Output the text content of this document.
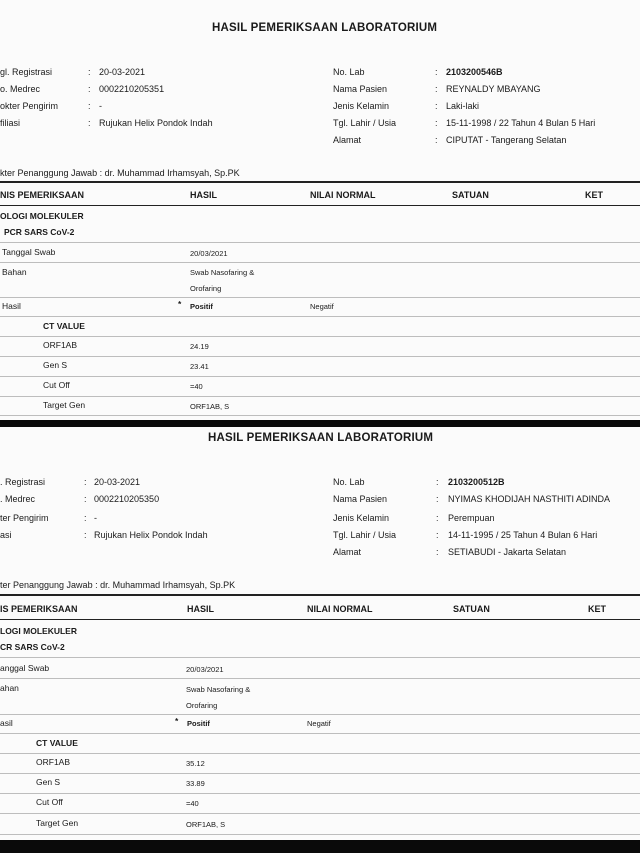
HASIL PEMERIKSAAN LABORATORIUM
gl. Registrasi	: 20-03-2021
o. Medrec	: 0002210205351
okter Pengirim	: -
filiasi	: Rujukan Helix Pondok Indah
No. Lab	: 2103200546B
Nama Pasien	: REYNALDY MBAYANG
Jenis Kelamin	: Laki-laki
Tgl. Lahir / Usia	: 15-11-1998 / 22 Tahun 4 Bulan 5 Hari
Alamat	: CIPUTAT - Tangerang Selatan
kter Penanggung Jawab : dr. Muhammad Irhamsyah, Sp.PK
NIS PEMERIKSAAN	HASIL	NILAI NORMAL	SATUAN	KET
OLOGI MOLEKULER
PCR SARS CoV-2
Tanggal Swab	20/03/2021
Bahan	Swab Nasofaring &
Orofaring
Hasil	* Positif	Negatif
CT VALUE
ORF1AB	24.19
Gen S	23.41
Cut Off	=40
Target Gen	ORF1AB, S
HASIL PEMERIKSAAN LABORATORIUM
. Registrasi	: 20-03-2021
. Medrec	: 0002210205350
ter Pengirim	: -
asi	: Rujukan Helix Pondok Indah
No. Lab	: 2103200512B
Nama Pasien	: NYIMAS KHODIJAH NASTHITI ADINDA
Jenis Kelamin	: Perempuan
Tgl. Lahir / Usia	: 14-11-1995 / 25 Tahun 4 Bulan 6 Hari
Alamat	: SETIABUDI - Jakarta Selatan
ter Penanggung Jawab : dr. Muhammad Irhamsyah, Sp.PK
IS PEMERIKSAAN	HASIL	NILAI NORMAL	SATUAN	KET
LOGI MOLEKULER
CR SARS CoV-2
anggal Swab	20/03/2021
ahan	Swab Nasofaring &
Orofaring
asil	* Positif	Negatif
CT VALUE
ORF1AB	35.12
Gen S	33.89
Cut Off	=40
Target Gen	ORF1AB, S
